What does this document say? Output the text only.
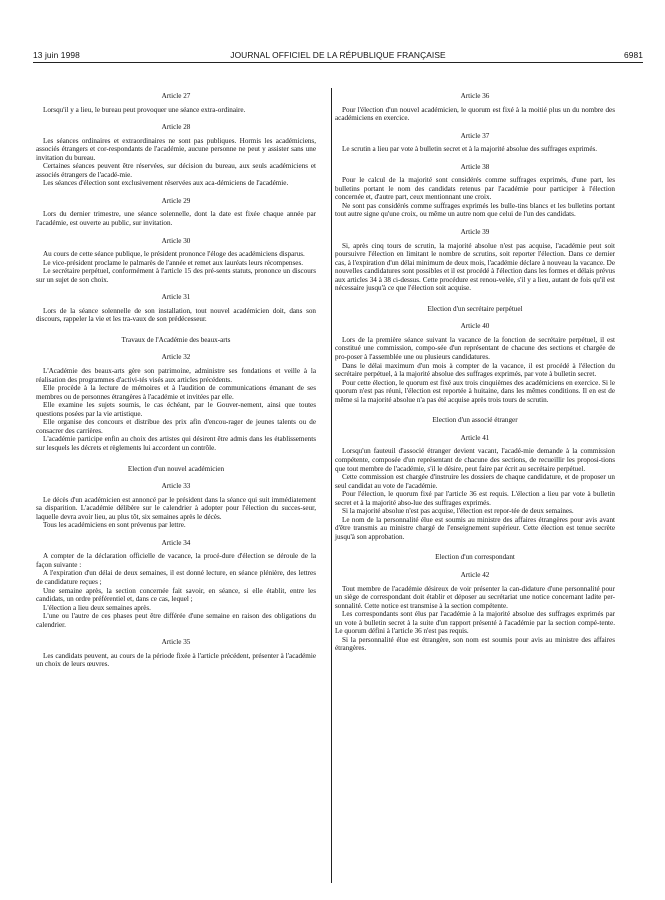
13 juin 1998	JOURNAL OFFICIEL DE LA RÉPUBLIQUE FRANÇAISE	6981
Article 27

Lorsqu'il y a lieu, le bureau peut provoquer une séance extra-ordinaire.

Article 28

Les séances ordinaires et extraordinaires ne sont pas publiques. Hormis les académiciens, associés étrangers et cor-respondants de l'académie, aucune personne ne peut y assister sans une invitation du bureau.

Certaines séances peuvent être réservées, sur décision du bureau, aux seuls académiciens et associés étrangers de l'acadé-mie.

Les séances d'élection sont exclusivement réservées aux aca-démiciens de l'académie.

Article 29

Lors du dernier trimestre, une séance solennelle, dont la date est fixée chaque année par l'académie, est ouverte au public, sur invitation.

Article 30

Au cours de cette séance publique, le président prononce l'éloge des académiciens disparus.

Le vice-président proclame le palmarès de l'année et remet aux lauréats leurs récompenses.

Le secrétaire perpétuel, conformément à l'article 15 des pré-sents statuts, prononce un discours sur un sujet de son choix.

Article 31

Lors de la séance solennelle de son installation, tout nouvel académicien doit, dans son discours, rappeler la vie et les tra-vaux de son prédécesseur.

Travaux de l'Académie des beaux-arts
Article 32

L'Académie des beaux-arts gère son patrimoine, administre ses fondations et veille à la réalisation des programmes d'activi-tés visés aux articles précédents.

Elle procède à la lecture de mémoires et à l'audition de communications émanant de ses membres ou de personnes étrangères à l'académie et invitées par elle.

Elle examine les sujets soumis, le cas échéant, par le Gouver-nement, ainsi que toutes questions posées par la vie artistique.

Elle organise des concours et distribue des prix afin d'encou-rager de jeunes talents ou de consacrer des carrières.

L'académie participe enfin au choix des artistes qui désirent être admis dans les établissements sur lesquels les décrets et règlements lui accordent un contrôle.

Election d'un nouvel académicien
Article 33

Le décès d'un académicien est annoncé par le président dans la séance qui suit immédiatement sa disparition. L'académie délibère sur le calendrier à adopter pour l'élection du succes-seur, laquelle devra avoir lieu, au plus tôt, six semaines après le décès.

Tous les académiciens en sont prévenus par lettre.

Article 34

A compter de la déclaration officielle de vacance, la procé-dure d'élection se déroule de la façon suivante :

A l'expiration d'un délai de deux semaines, il est donné lecture, en séance plénière, des lettres de candidature reçues ;

Une semaine après, la section concernée fait savoir, en séance, si elle établit, entre les candidats, un ordre préférentiel et, dans ce cas, lequel ;

L'élection a lieu deux semaines après.

L'une ou l'autre de ces phases peut être différée d'une semaine en raison des obligations du calendrier.

Article 35

Les candidats peuvent, au cours de la période fixée à l'article précédent, présenter à l'académie un choix de leurs œuvres.

Article 36

Pour l'élection d'un nouvel académicien, le quorum est fixé à la moitié plus un du nombre des académiciens en exercice.

Article 37

Le scrutin a lieu par vote à bulletin secret et à la majorité absolue des suffrages exprimés.

Article 38

Pour le calcul de la majorité sont considérés comme suffrages exprimés, d'une part, les bulletins portant le nom des candidats retenus par l'académie pour participer à l'élection concernée et, d'autre part, ceux mentionnant une croix.

Ne sont pas considérés comme suffrages exprimés les bulle-tins blancs et les bulletins portant tout autre signe qu'une croix, ou même un autre nom que celui de l'un des candidats.

Article 39

Si, après cinq tours de scrutin, la majorité absolue n'est pas acquise, l'académie peut soit poursuivre l'élection en limitant le nombre de scrutins, soit reporter l'élection. Dans ce dernier cas, à l'expiration d'un délai minimum de deux mois, l'académie déclare à nouveau la vacance. De nouvelles candidatures sont possibles et il est procédé à l'élection dans les formes et délais prévus aux articles 34 à 38 ci-dessus. Cette procédure est renou-velée, s'il y a lieu, autant de fois qu'il est nécessaire jusqu'à ce que l'élection soit acquise.

Election d'un secrétaire perpétuel
Article 40

Lors de la première séance suivant la vacance de la fonction de secrétaire perpétuel, il est constitué une commission, compo-sée d'un représentant de chacune des sections et chargée de pro-poser à l'assemblée une ou plusieurs candidatures.

Dans le délai maximum d'un mois à compter de la vacance, il est procédé à l'élection du secrétaire perpétuel, à la majorité absolue des suffrages exprimés, par vote à bulletin secret.

Pour cette élection, le quorum est fixé aux trois cinquièmes des académiciens en exercice. Si le quorum n'est pas réuni, l'élection est reportée à huitaine, dans les mêmes conditions. Il en est de même si la majorité absolue n'a pas été acquise après trois tours de scrutin.

Election d'un associé étranger
Article 41

Lorsqu'un fauteuil d'associé étranger devient vacant, l'acadé-mie demande à la commission compétente, composée d'un représentant de chacune des sections, de recueillir les proposi-tions que tout membre de l'académie, s'il le désire, peut faire par écrit au secrétaire perpétuel.

Cette commission est chargée d'instruire les dossiers de chaque candidature, et de proposer un seul candidat au vote de l'académie.

Pour l'élection, le quorum fixé par l'article 36 est requis. L'élection a lieu par vote à bulletin secret et à la majorité abso-lue des suffrages exprimés.

Si la majorité absolue n'est pas acquise, l'élection est repor-tée de deux semaines.

Le nom de la personnalité élue est soumis au ministre des affaires étrangères pour avis avant d'être transmis au ministre chargé de l'enseignement supérieur. Cette élection est tenue secrète jusqu'à son approbation.

Election d'un correspondant
Article 42

Tout membre de l'académie désireux de voir présenter la can-didature d'une personnalité pour un siège de correspondant doit établir et déposer au secrétariat une notice concernant ladite per-sonnalité. Cette notice est transmise à la section compétente.

Les correspondants sont élus par l'académie à la majorité absolue des suffrages exprimés par un vote à bulletin secret à la suite d'un rapport présenté à l'académie par la section compé-tente. Le quorum défini à l'article 36 n'est pas requis.

Si la personnalité élue est étrangère, son nom est soumis pour avis au ministre des affaires étrangères.
